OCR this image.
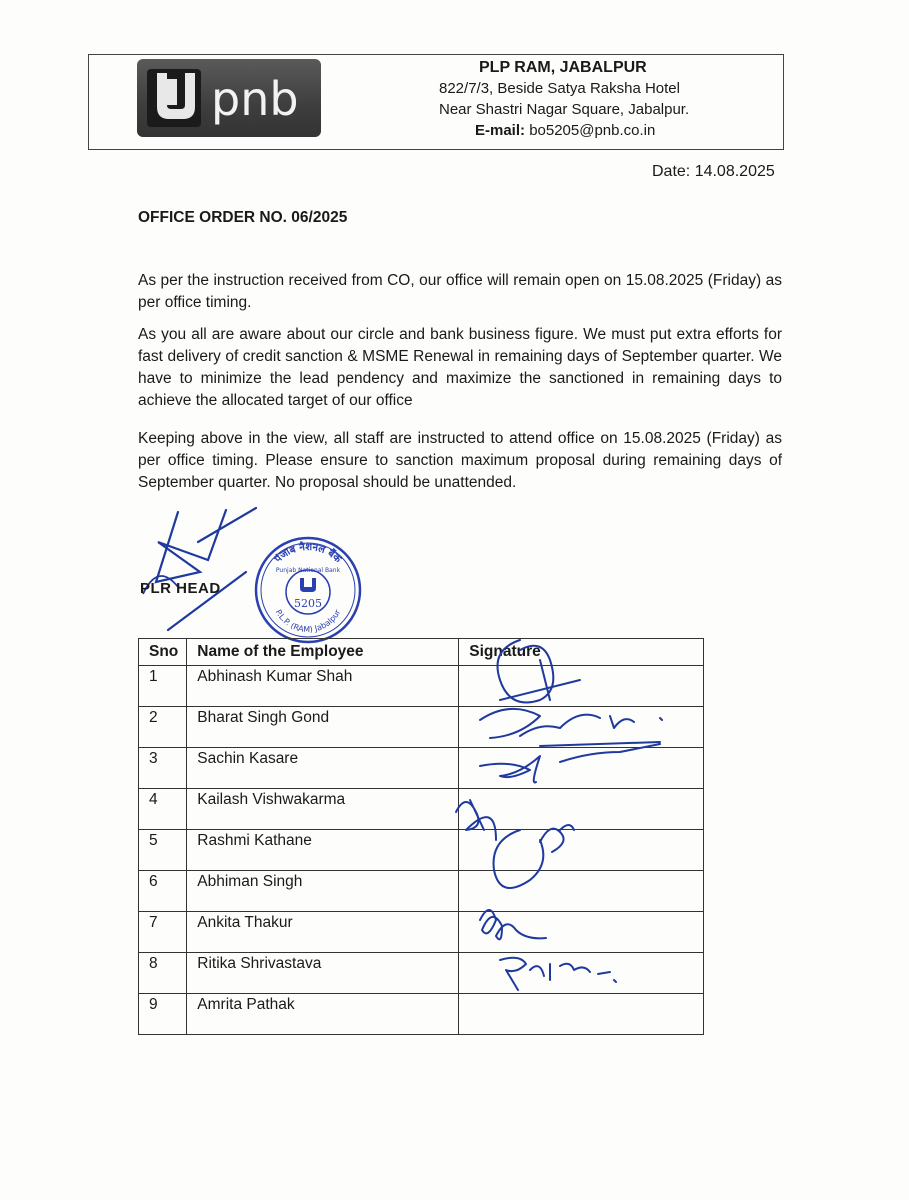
pnb
PLP RAM, JABALPUR
822/7/3, Beside Satya Raksha Hotel
Near Shastri Nagar Square, Jabalpur.
E-mail: bo5205@pnb.co.in
Date: 14.08.2025
OFFICE ORDER NO. 06/2025
As per the instruction received from CO, our office will remain open on 15.08.2025 (Friday) as per office timing.
As you all are aware about our circle and bank business figure. We must put extra efforts for fast delivery of credit sanction & MSME Renewal in remaining days of September quarter. We have to minimize the lead pendency and maximize the sanctioned in remaining days to achieve the allocated target of our office
Keeping above in the view, all staff are instructed to attend office on 15.08.2025 (Friday) as per office timing. Please ensure to sanction maximum proposal during remaining days of September quarter. No proposal should be unattended.
PLR HEAD
पंजाब नैशनल बैंक
P.L.P. (RAM) Jabalpur
Punjab National Bank
5205
Sno	Name of the Employee	Signature
1	Abhinash Kumar Shah	
2	Bharat Singh Gond	
3	Sachin Kasare	
4	Kailash Vishwakarma	
5	Rashmi Kathane	
6	Abhiman Singh	
7	Ankita Thakur	
8	Ritika Shrivastava	
9	Amrita Pathak	
